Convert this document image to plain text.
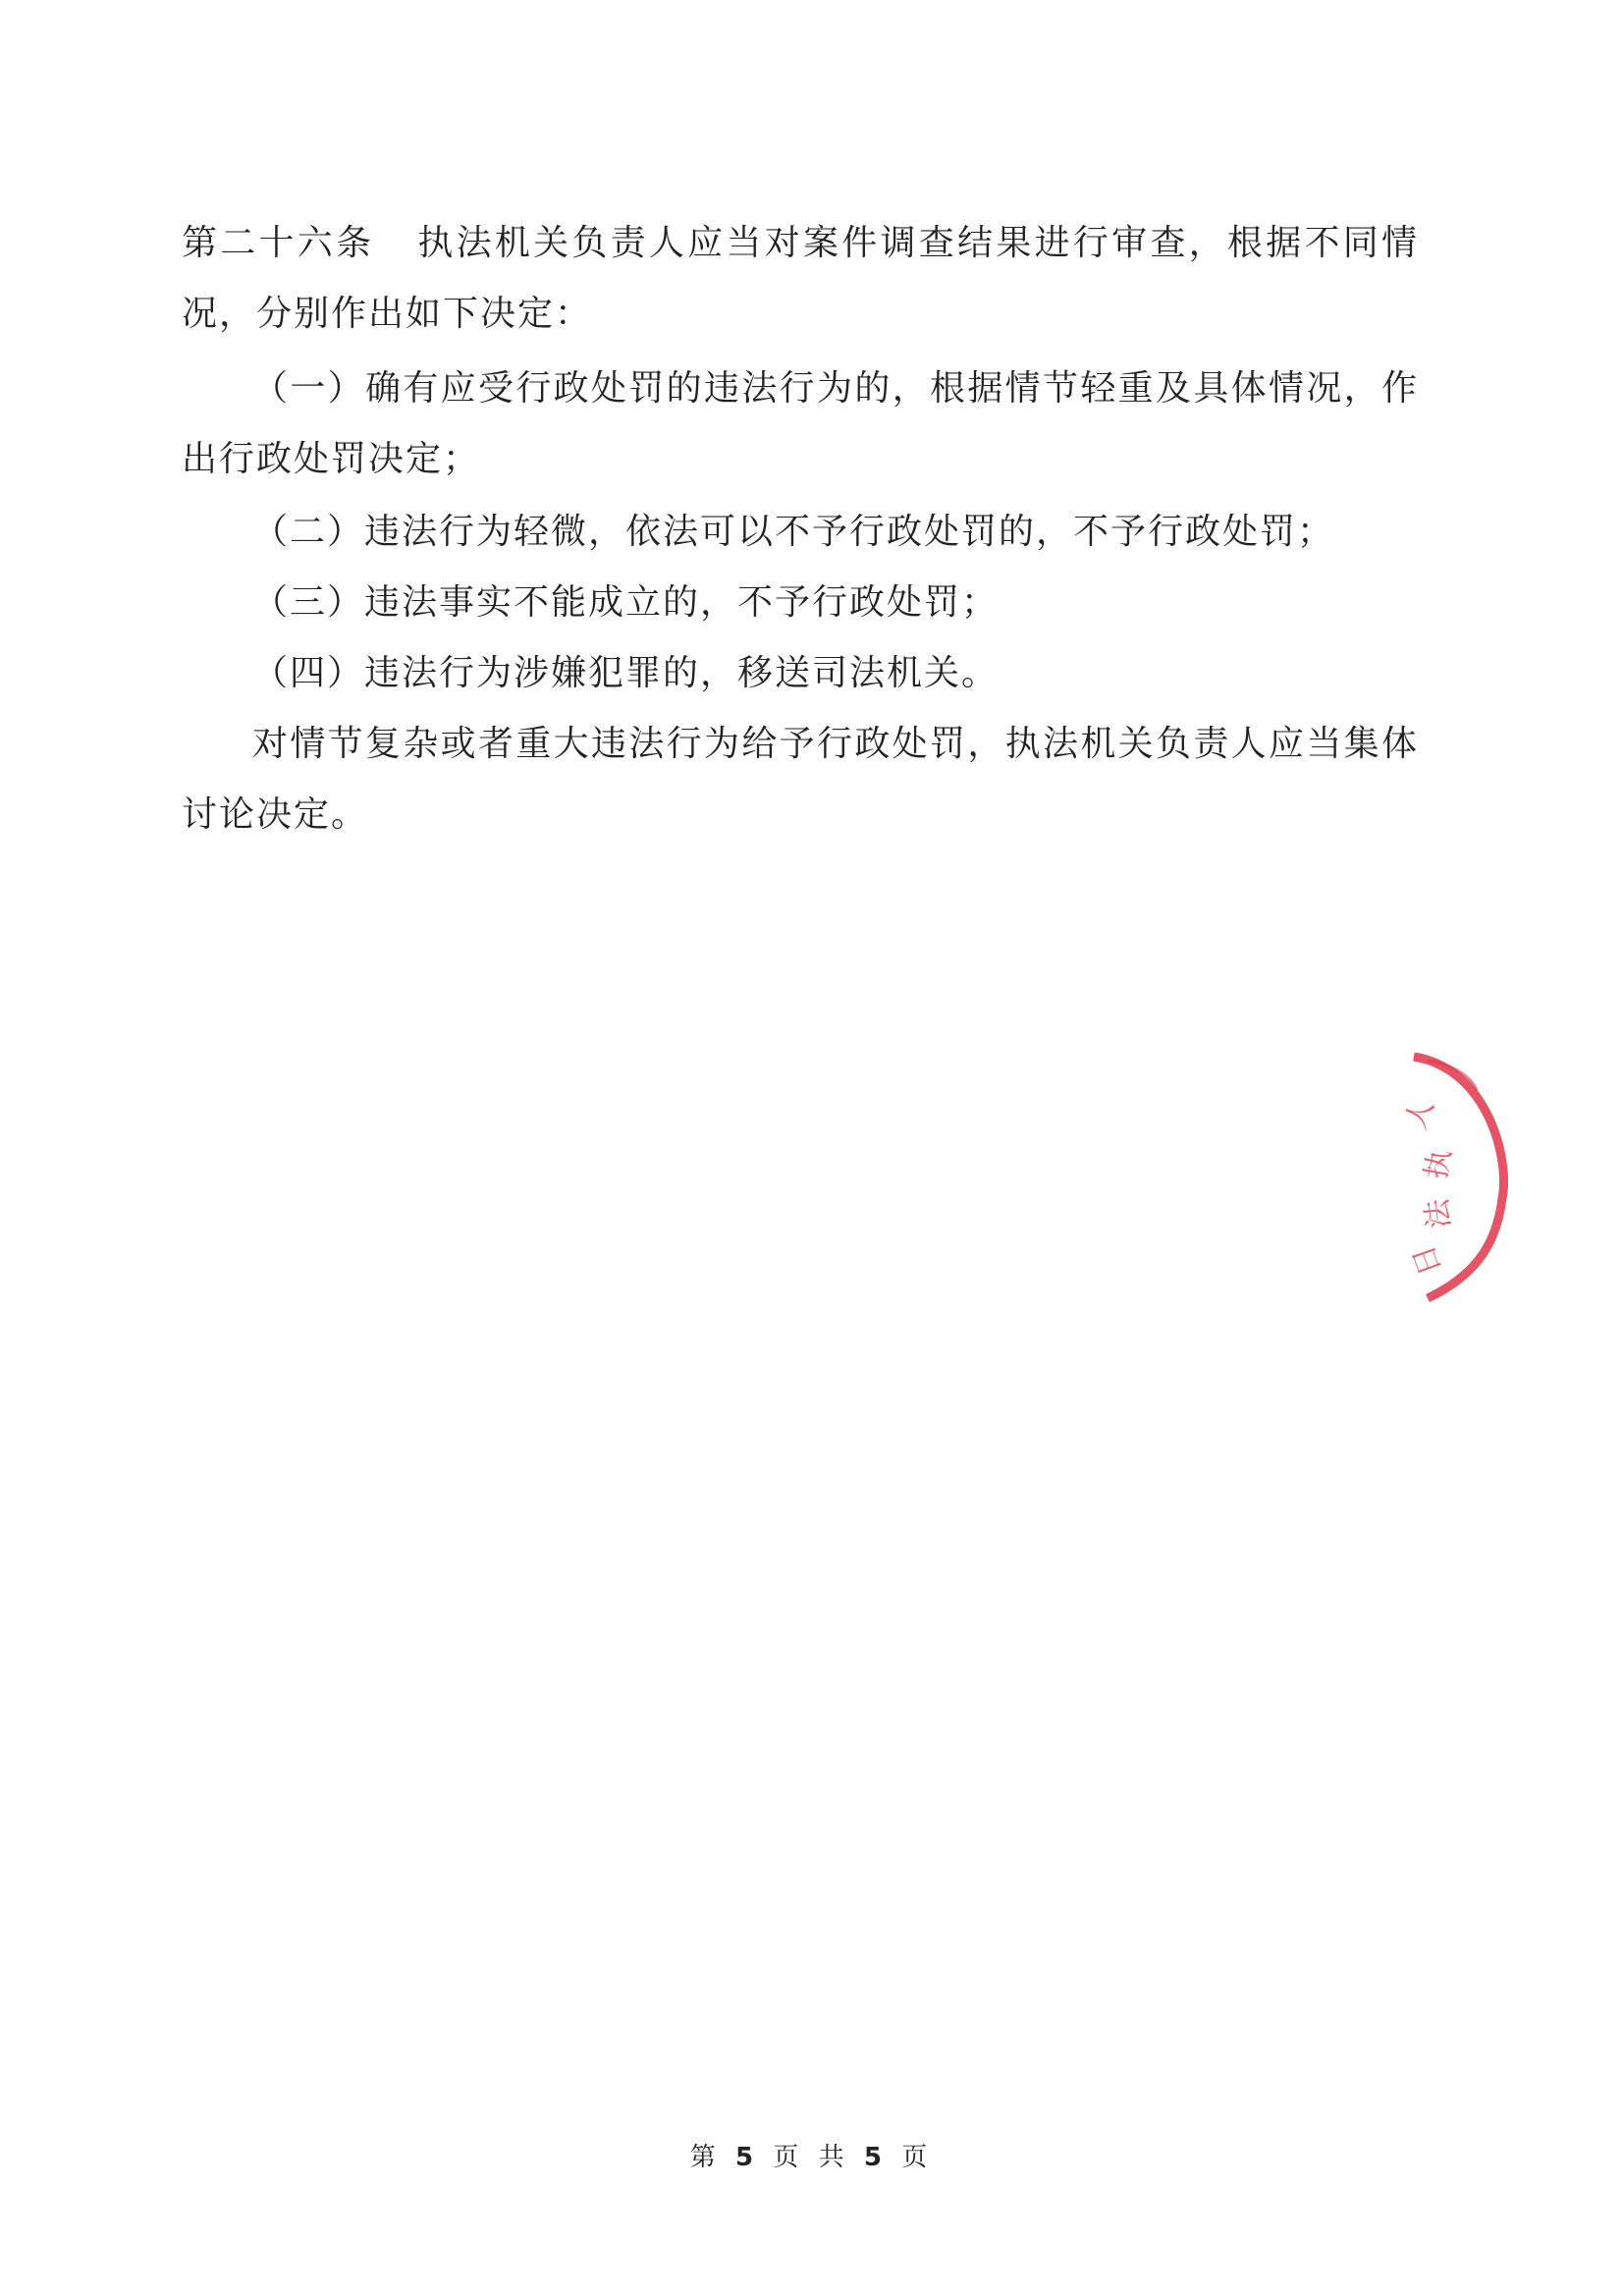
第二十六条 执法机关负责人应当对案件调查结果进行审查，根据不同情况，分别作出如下决定：

（一）确有应受行政处罚的违法行为的，根据情节轻重及具体情况，作出行政处罚决定；

（二）违法行为轻微，依法可以不予行政处罚的，不予行政处罚；

（三）违法事实不能成立的，不予行政处罚；

（四）违法行为涉嫌犯罪的，移送司法机关。

对情节复杂或者重大违法行为给予行政处罚，执法机关负责人应当集体讨论决定。

人
执
法
日
第 5 页 共 5 页
